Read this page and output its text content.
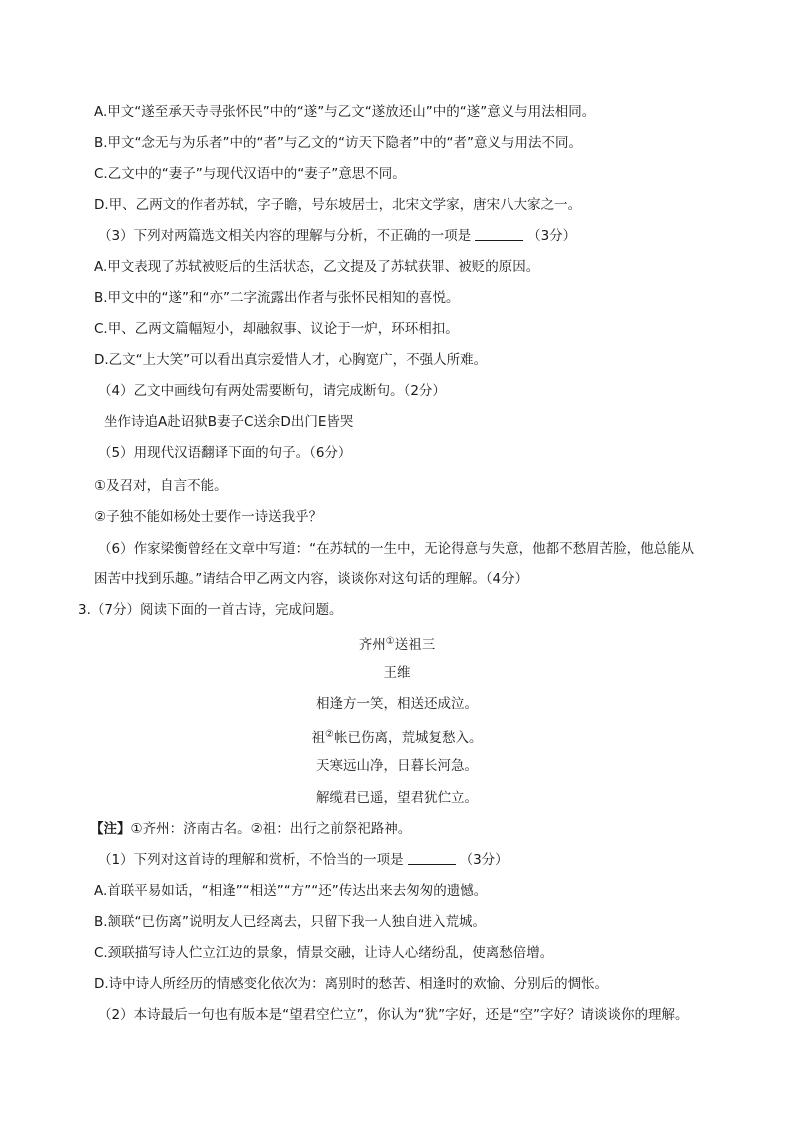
A.甲文“遂至承天寺寻张怀民”中的“遂”与乙文“遂放还山”中的“遂”意义与用法相同。
B.甲文“念无与为乐者”中的“者”与乙文的“访天下隐者”中的“者”意义与用法不同。
C.乙文中的“妻子”与现代汉语中的“妻子”意思不同。
D.甲、乙两文的作者苏轼，字子瞻，号东坡居士，北宋文学家，唐宋八大家之一。
（3）下列对两篇选文相关内容的理解与分析，不正确的一项是	（3分）
A.甲文表现了苏轼被贬后的生活状态，乙文提及了苏轼获罪、被贬的原因。
B.甲文中的“遂”和“亦”二字流露出作者与张怀民相知的喜悦。
C.甲、乙两文篇幅短小，却融叙事、议论于一炉，环环相扣。
D.乙文“上大笑”可以看出真宗爱惜人才，心胸宽广，不强人所难。
（4）乙文中画线句有两处需要断句，请完成断句。（2分）
坐作诗追A赴诏狱B妻子C送余D出门E皆哭
（5）用现代汉语翻译下面的句子。（6分）
①及召对，自言不能。
②子独不能如杨处士要作一诗送我乎？
（6）作家梁衡曾经在文章中写道：“在苏轼的一生中，无论得意与失意，他都不愁眉苦脸，他总能从
困苦中找到乐趣。”请结合甲乙两文内容，谈谈你对这句话的理解。（4分）
3.（7分）阅读下面的一首古诗，完成问题。
齐州①送祖三
王维
相逢方一笑，相送还成泣。
祖②帐已伤离，荒城复愁入。
天寒远山净，日暮长河急。
解缆君已遥，望君犹伫立。
【注】①齐州：济南古名。②祖：出行之前祭祀路神。
（1）下列对这首诗的理解和赏析，不恰当的一项是	（3分）
A.首联平易如话，“相逢”“相送”“方”“还”传达出来去匆匆的遗憾。
B.颔联“已伤离”说明友人已经离去，只留下我一人独自进入荒城。
C.颈联描写诗人伫立江边的景象，情景交融，让诗人心绪纷乱，使离愁倍增。
D.诗中诗人所经历的情感变化依次为：离别时的愁苦、相逢时的欢愉、分别后的惆怅。
（2）本诗最后一句也有版本是“望君空伫立”，你认为“犹”字好，还是“空”字好？请谈谈你的理解。
